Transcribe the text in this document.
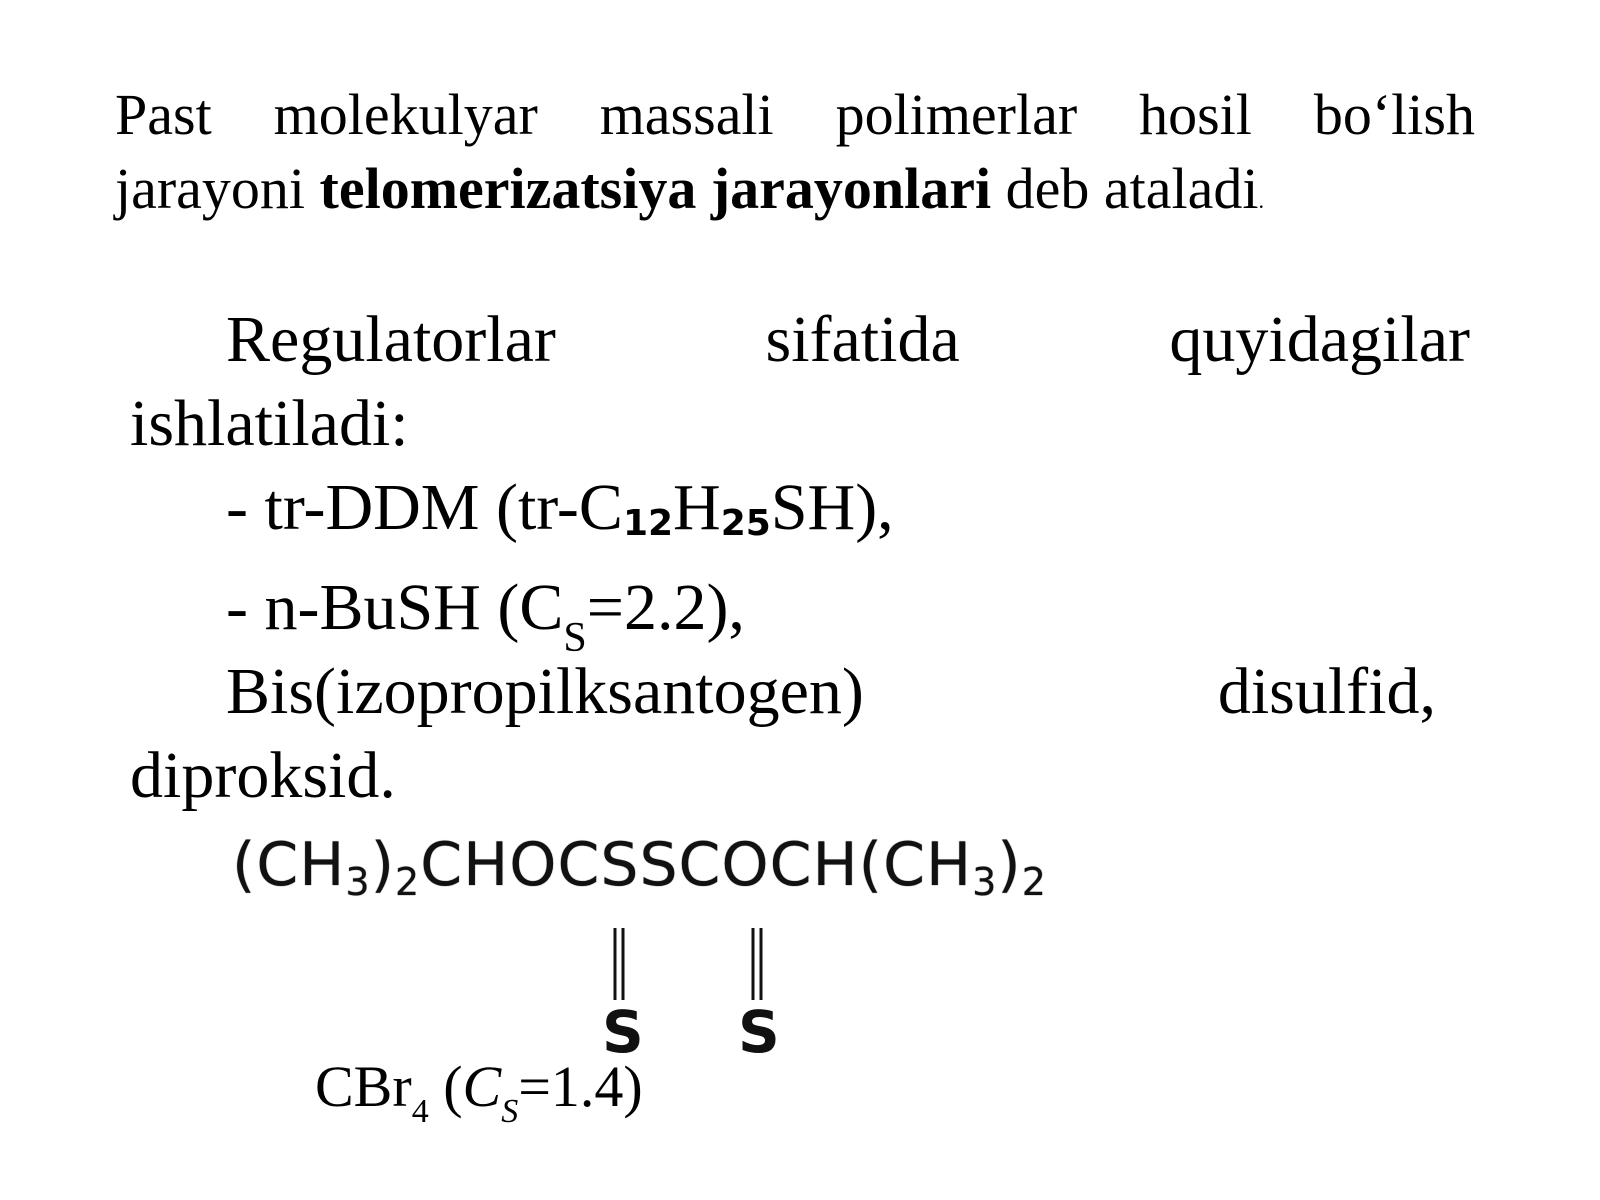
Past molekulyar massali polimerlar hosil bo‘lish
jarayoni telomerizatsiya jarayonlari deb ataladi.
Regulatorlar	sifatida	quyidagilar
ishlatiladi:
- tr-DDM (tr-C12H25SH),
- n-BuSH $(C_S=2.2)$,
Bis(izopropilksantogen)	disulfid,
diproksid.
(CH3)2CHOCSSCOCH(CH3)2
S S
CBr$_4$ $(C_S=1.4)$
